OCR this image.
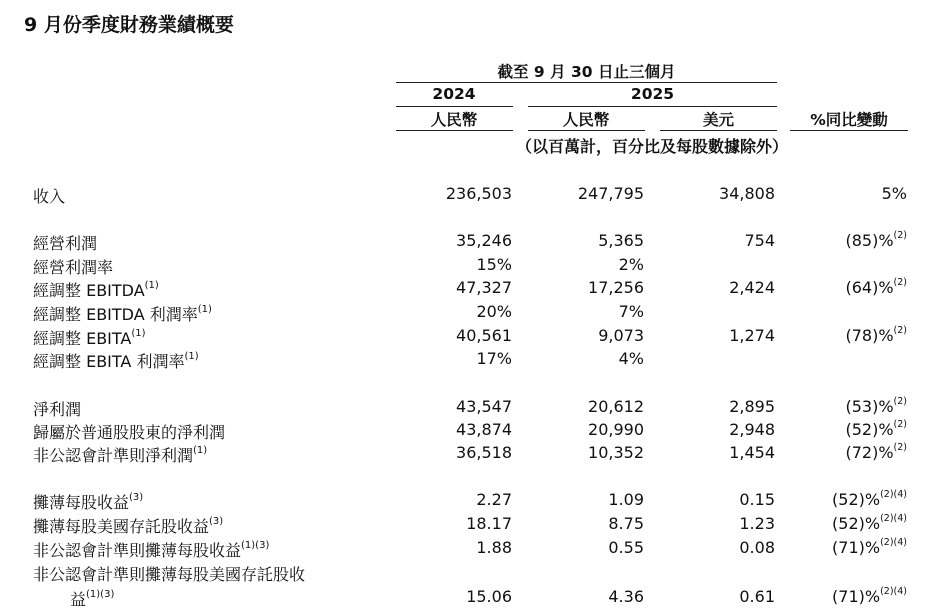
9 月份季度財務業績概要
截至 9 月 30 日止三個月
2024	2025
人民幣	人民幣	美元	%同比變動
（以百萬計，百分比及每股數據除外）
收入	236,503	247,795	34,808	5%
經營利潤	35,246	5,365	754	(85)%$^{(2)}$
經營利潤率	15%	2%
經調整 EBITDA$^{(1)}$	47,327	17,256	2,424	(64)%$^{(2)}$
經調整 EBITDA 利潤率$^{(1)}$	20%	7%
經調整 EBITA$^{(1)}$	40,561	9,073	1,274	(78)%$^{(2)}$
經調整 EBITA 利潤率$^{(1)}$	17%	4%
淨利潤	43,547	20,612	2,895	(53)%$^{(2)}$
歸屬於普通股股東的淨利潤	43,874	20,990	2,948	(52)%$^{(2)}$
非公認會計準則淨利潤$^{(1)}$	36,518	10,352	1,454	(72)%$^{(2)}$
攤薄每股收益$^{(3)}$	2.27	1.09	0.15	(52)%$^{(2)(4)}$
攤薄每股美國存託股收益$^{(3)}$	18.17	8.75	1.23	(52)%$^{(2)(4)}$
非公認會計準則攤薄每股收益$^{(1)(3)}$	1.88	0.55	0.08	(71)%$^{(2)(4)}$
非公認會計準則攤薄每股美國存託股收
益$^{(1)(3)}$	15.06	4.36	0.61	(71)%$^{(2)(4)}$
